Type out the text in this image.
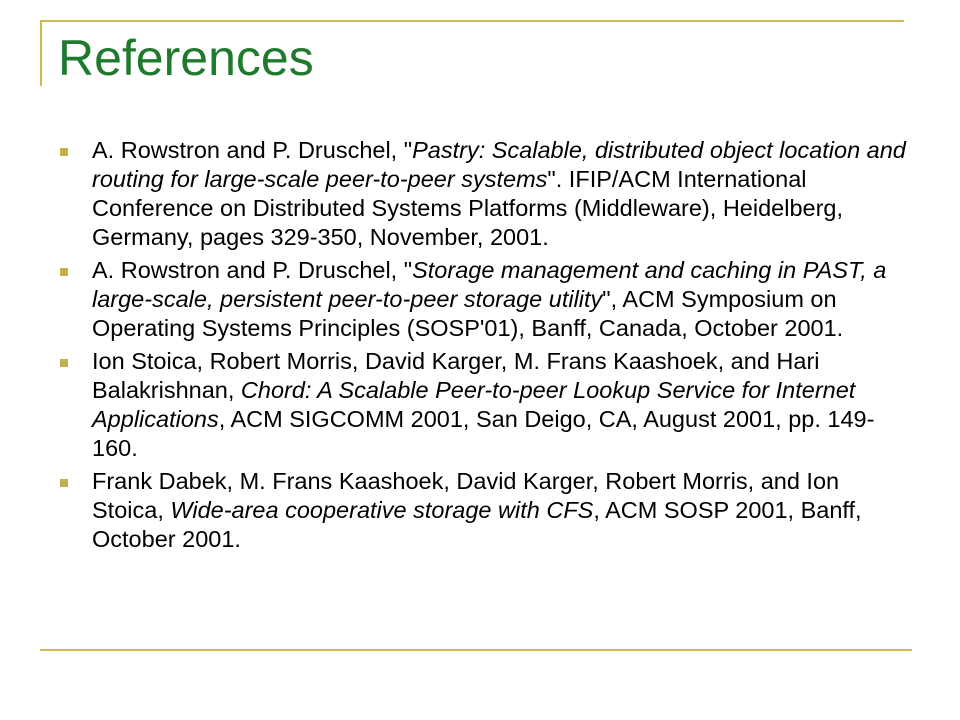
References
A. Rowstron and P. Druschel, "Pastry: Scalable, distributed object location and routing for large-scale peer-to-peer systems". IFIP/ACM International Conference on Distributed Systems Platforms (Middleware), Heidelberg, Germany, pages 329-350, November, 2001.
A. Rowstron and P. Druschel, "Storage management and caching in PAST, a large-scale, persistent peer-to-peer storage utility", ACM Symposium on Operating Systems Principles (SOSP'01), Banff, Canada, October 2001.
Ion Stoica, Robert Morris, David Karger, M. Frans Kaashoek, and Hari Balakrishnan, Chord: A Scalable Peer-to-peer Lookup Service for Internet Applications, ACM SIGCOMM 2001, San Deigo, CA, August 2001, pp. 149-160.
Frank Dabek, M. Frans Kaashoek, David Karger, Robert Morris, and Ion Stoica, Wide-area cooperative storage with CFS, ACM SOSP 2001, Banff, October 2001.
